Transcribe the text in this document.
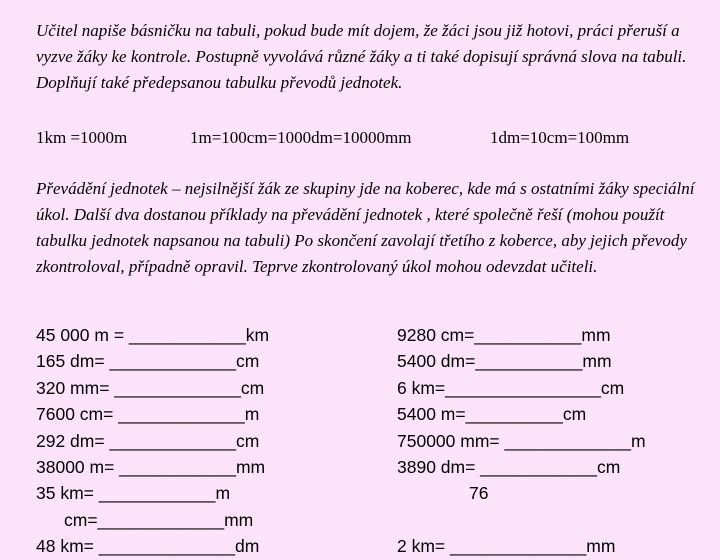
Učitel napiše básničku na tabuli, pokud bude mít dojem, že žáci jsou již hotovi, práci přeruší a vyzve žáky ke kontrole. Postupně vyvolává různé žáky a ti také dopisují správná slova na tabuli. Doplňují také předepsanou tabulku převodů jednotek.

1km =1000m	1m=100cm=1000dm=10000mm	1dm=10cm=100mm

Převádění jednotek – nejsilnější žák ze skupiny jde na koberec, kde má s ostatními žáky speciální úkol. Další dva dostanou příklady na převádění jednotek , které společně řeší (mohou použít tabulku jednotek napsanou na tabuli) Po skončení zavolají třetího z koberce, aby jejich převody zkontroloval, případně opravil. Teprve zkontrolovaný úkol mohou odevzdat učiteli.

45 000 m = ____________km
165 dm= _____________cm
320 mm= _____________cm
7600 cm= _____________m
292 dm= _____________cm
38000 m= ____________mm
35 km= ____________m
cm=_____________mm
48 km= ______________dm
9280 cm=___________mm
5400 dm=___________mm
6 km=________________cm
5400 m=__________cm
750000 mm= _____________m
3890 dm= ____________cm
76
2 km= ______________mm
